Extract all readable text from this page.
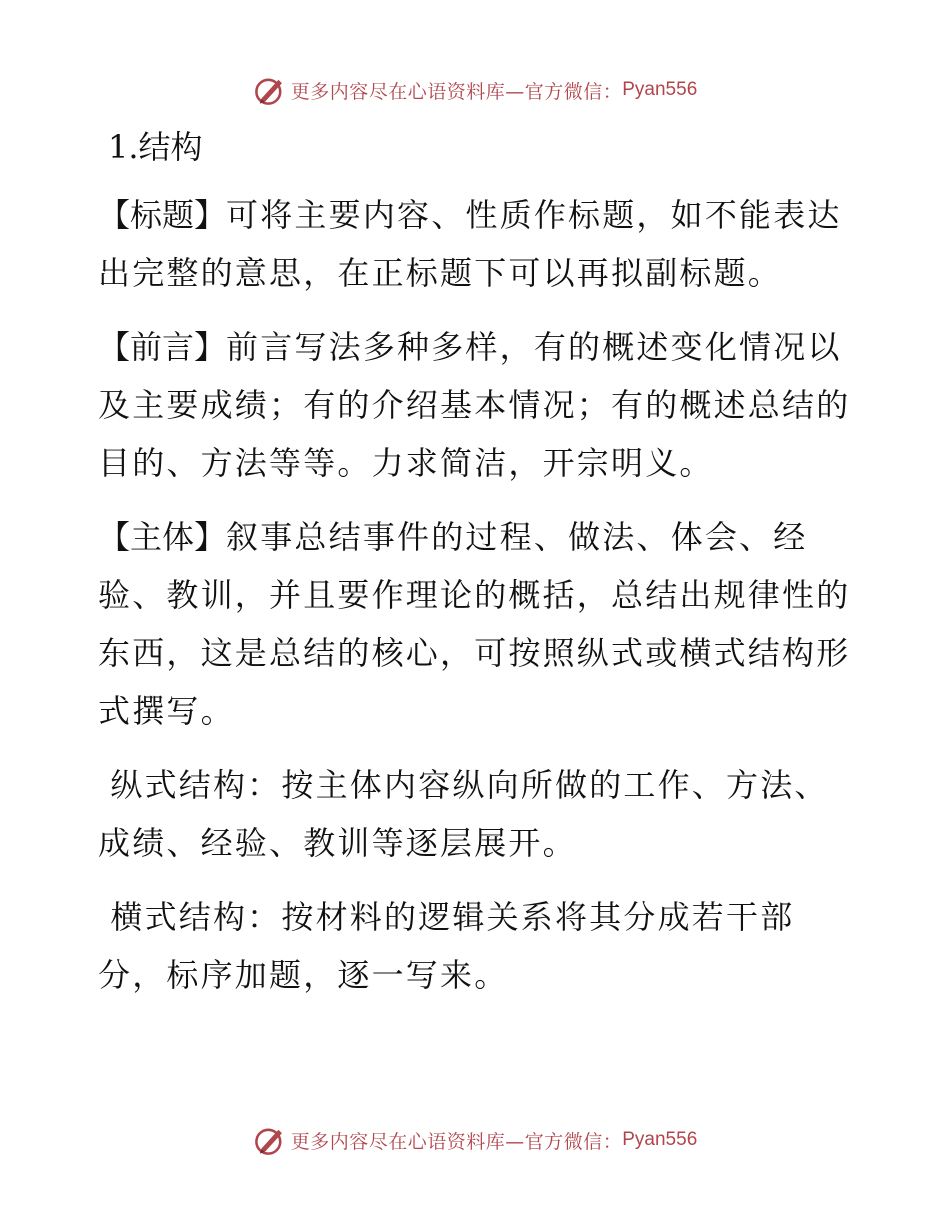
更多内容尽在心语资料库—官方微信： Pyan556
1.结构

【标题】可将主要内容、性质作标题，如不能表达出完整的意思，在正标题下可以再拟副标题。

【前言】前言写法多种多样，有的概述变化情况以及主要成绩；有的介绍基本情况；有的概述总结的目的、方法等等。力求简洁，开宗明义。

【主体】叙事总结事件的过程、做法、体会、经验、教训，并且要作理论的概括，总结出规律性的东西，这是总结的核心，可按照纵式或横式结构形式撰写。

纵式结构：按主体内容纵向所做的工作、方法、成绩、经验、教训等逐层展开。

横式结构：按材料的逻辑关系将其分成若干部分，标序加题，逐一写来。

更多内容尽在心语资料库—官方微信： Pyan556
